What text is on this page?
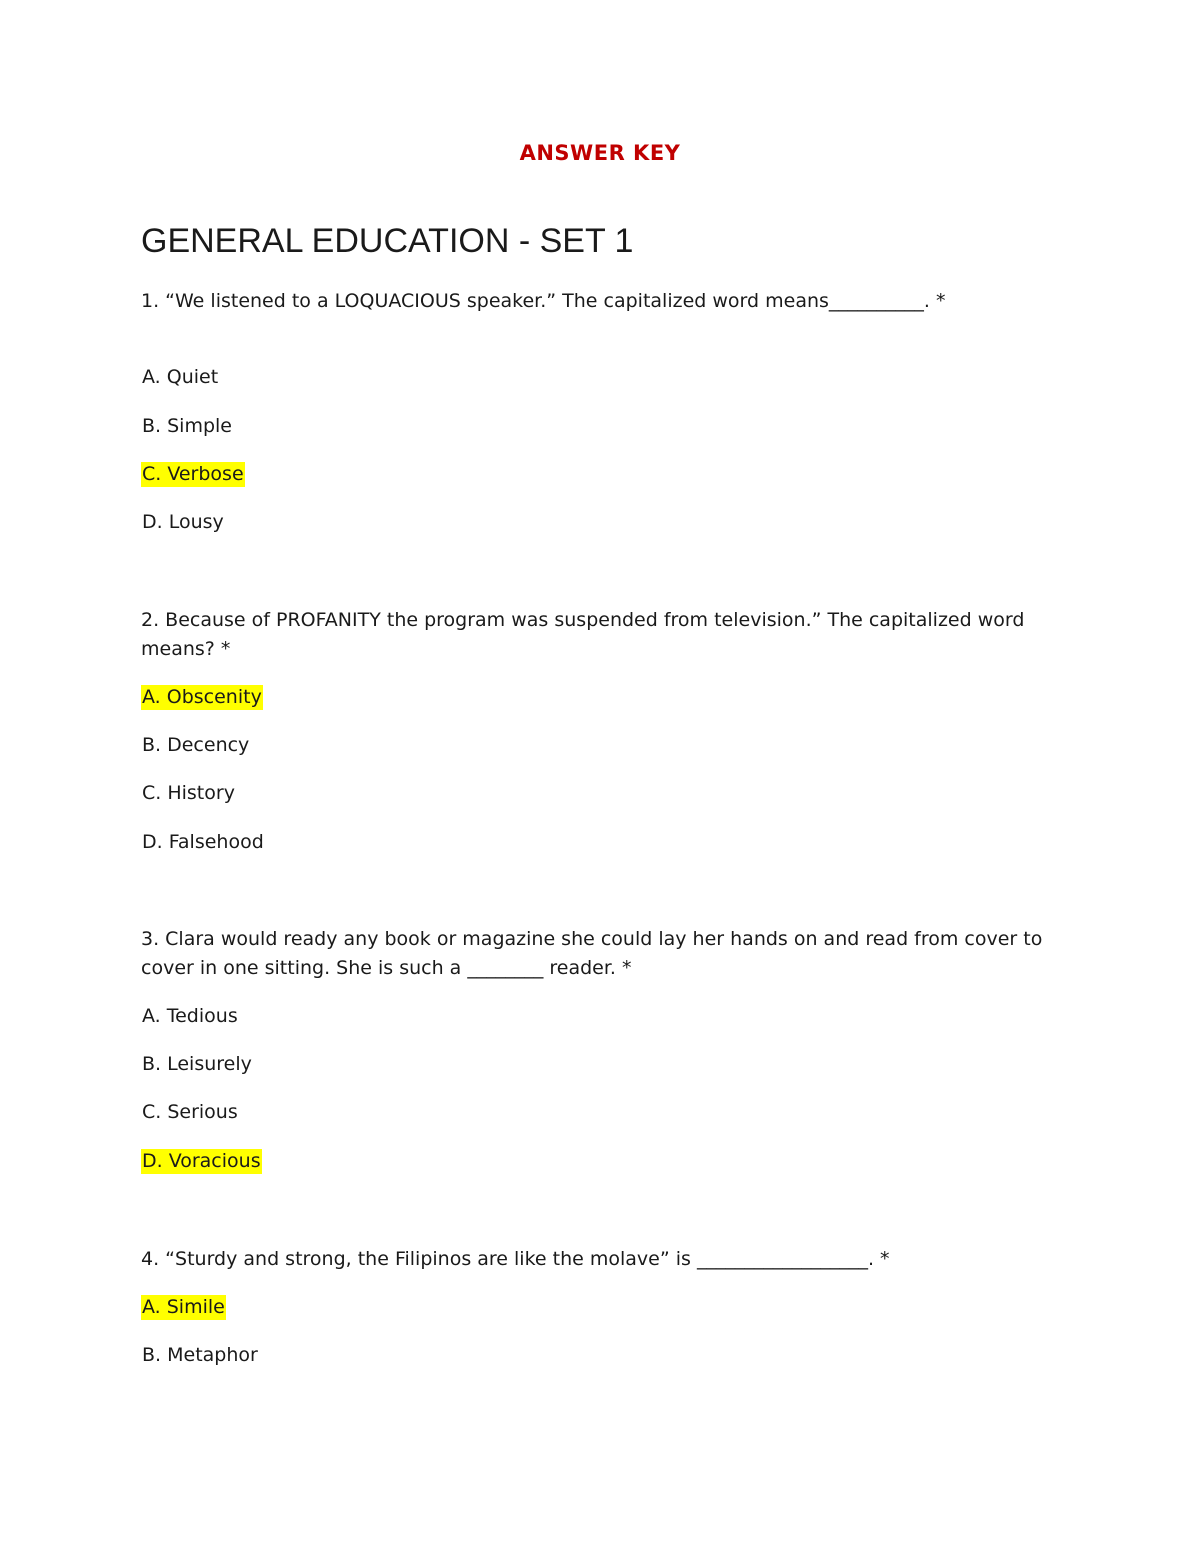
ANSWER KEY
GENERAL EDUCATION - SET 1

1. “We listened to a LOQUACIOUS speaker.” The capitalized word means__________. *

A. Quiet
B. Simple
C. Verbose
D. Lousy

2. Because of PROFANITY the program was suspended from television.” The capitalized word means? *

A. Obscenity
B. Decency
C. History
D. Falsehood

3. Clara would ready any book or magazine she could lay her hands on and read from cover to cover in one sitting. She is such a ________ reader. *

A. Tedious
B. Leisurely
C. Serious
D. Voracious

4. “Sturdy and strong, the Filipinos are like the molave” is __________________. *

A. Simile
B. Metaphor
